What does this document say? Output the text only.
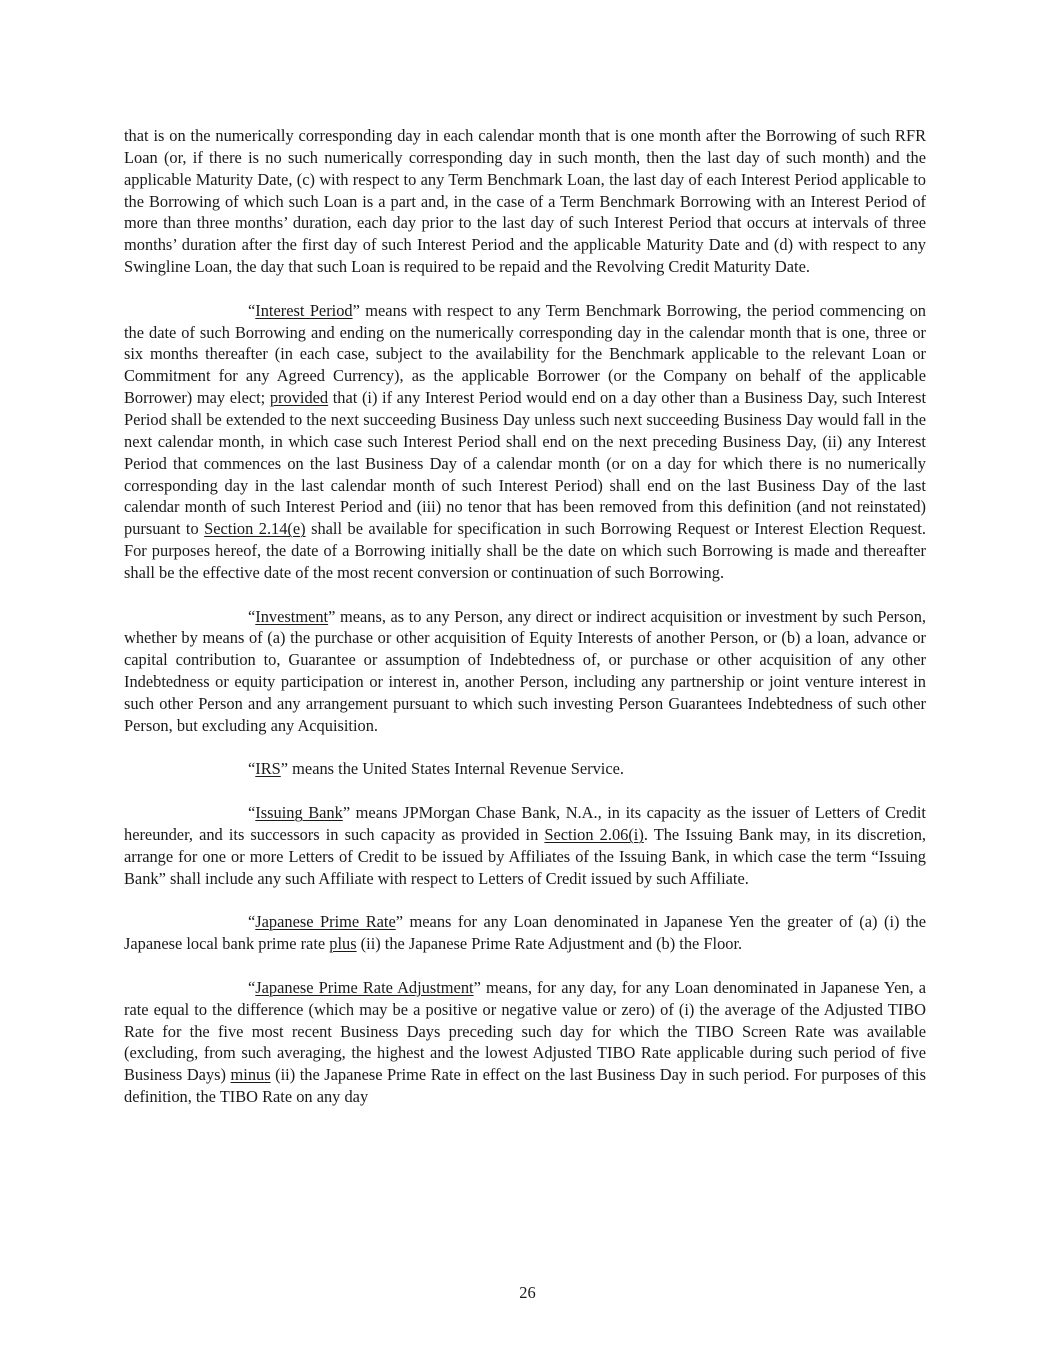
that is on the numerically corresponding day in each calendar month that is one month after the Borrowing of such RFR Loan (or, if there is no such numerically corresponding day in such month, then the last day of such month) and the applicable Maturity Date, (c) with respect to any Term Benchmark Loan, the last day of each Interest Period applicable to the Borrowing of which such Loan is a part and, in the case of a Term Benchmark Borrowing with an Interest Period of more than three months’ duration, each day prior to the last day of such Interest Period that occurs at intervals of three months’ duration after the first day of such Interest Period and the applicable Maturity Date and (d) with respect to any Swingline Loan, the day that such Loan is required to be repaid and the Revolving Credit Maturity Date.

“Interest Period” means with respect to any Term Benchmark Borrowing, the period commencing on the date of such Borrowing and ending on the numerically corresponding day in the calendar month that is one, three or six months thereafter (in each case, subject to the availability for the Benchmark applicable to the relevant Loan or Commitment for any Agreed Currency), as the applicable Borrower (or the Company on behalf of the applicable Borrower) may elect; provided that (i) if any Interest Period would end on a day other than a Business Day, such Interest Period shall be extended to the next succeeding Business Day unless such next succeeding Business Day would fall in the next calendar month, in which case such Interest Period shall end on the next preceding Business Day, (ii) any Interest Period that commences on the last Business Day of a calendar month (or on a day for which there is no numerically corresponding day in the last calendar month of such Interest Period) shall end on the last Business Day of the last calendar month of such Interest Period and (iii) no tenor that has been removed from this definition (and not reinstated) pursuant to Section 2.14(e) shall be available for specification in such Borrowing Request or Interest Election Request. For purposes hereof, the date of a Borrowing initially shall be the date on which such Borrowing is made and thereafter shall be the effective date of the most recent conversion or continuation of such Borrowing.

“Investment” means, as to any Person, any direct or indirect acquisition or investment by such Person, whether by means of (a) the purchase or other acquisition of Equity Interests of another Person, or (b) a loan, advance or capital contribution to, Guarantee or assumption of Indebtedness of, or purchase or other acquisition of any other Indebtedness or equity participation or interest in, another Person, including any partnership or joint venture interest in such other Person and any arrangement pursuant to which such investing Person Guarantees Indebtedness of such other Person, but excluding any Acquisition.

“IRS” means the United States Internal Revenue Service.

“Issuing Bank” means JPMorgan Chase Bank, N.A., in its capacity as the issuer of Letters of Credit hereunder, and its successors in such capacity as provided in Section 2.06(i). The Issuing Bank may, in its discretion, arrange for one or more Letters of Credit to be issued by Affiliates of the Issuing Bank, in which case the term “Issuing Bank” shall include any such Affiliate with respect to Letters of Credit issued by such Affiliate.

“Japanese Prime Rate” means for any Loan denominated in Japanese Yen the greater of (a) (i) the Japanese local bank prime rate plus (ii) the Japanese Prime Rate Adjustment and (b) the Floor.

“Japanese Prime Rate Adjustment” means, for any day, for any Loan denominated in Japanese Yen, a rate equal to the difference (which may be a positive or negative value or zero) of (i) the average of the Adjusted TIBO Rate for the five most recent Business Days preceding such day for which the TIBO Screen Rate was available (excluding, from such averaging, the highest and the lowest Adjusted TIBO Rate applicable during such period of five Business Days) minus (ii) the Japanese Prime Rate in effect on the last Business Day in such period. For purposes of this definition, the TIBO Rate on any day

26
